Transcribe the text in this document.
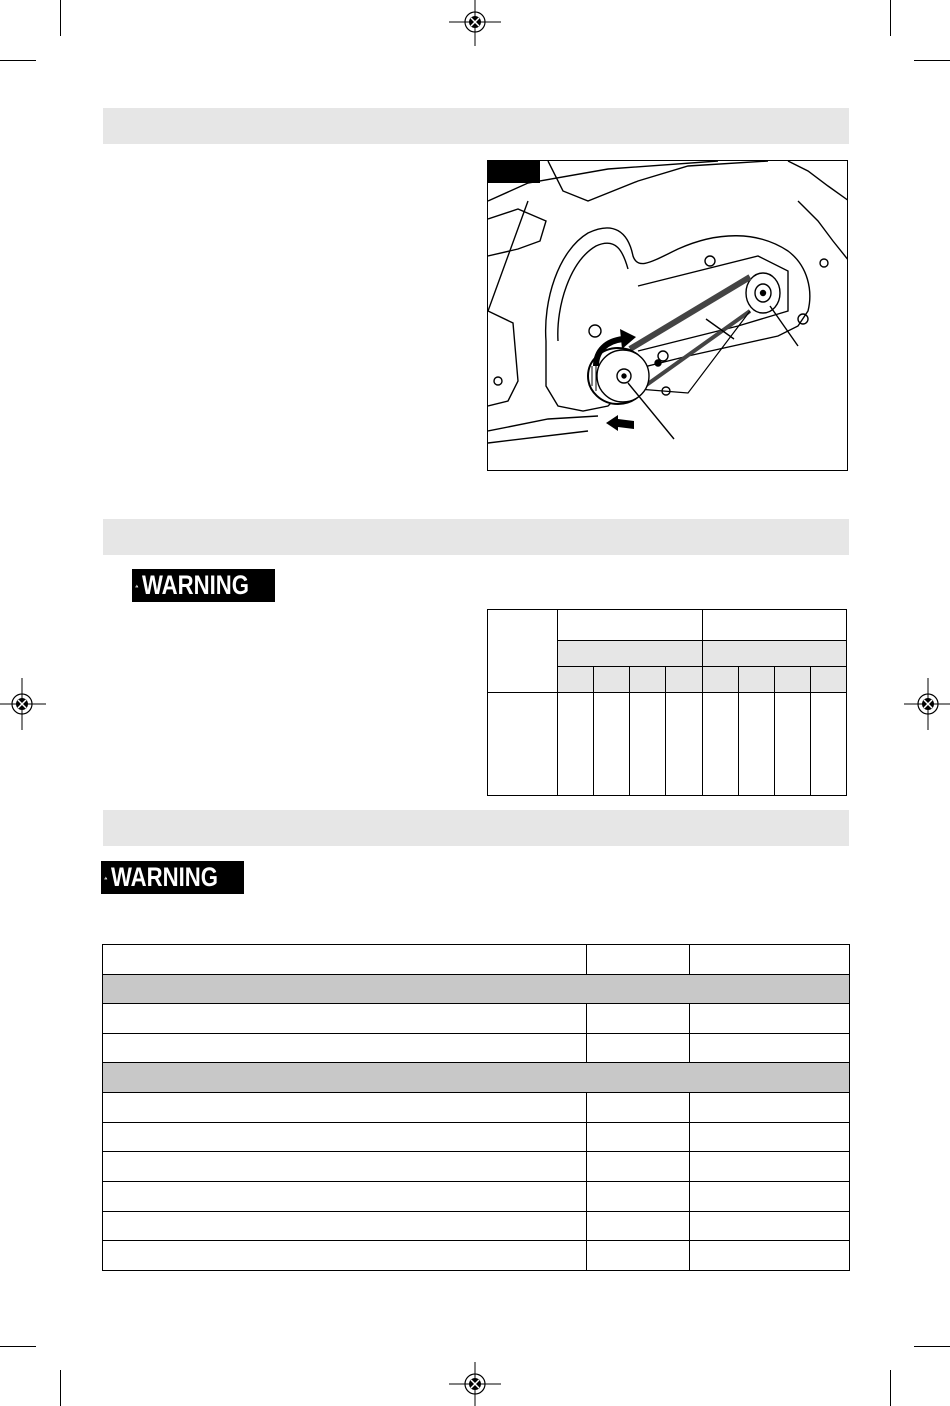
WARNING

WARNING
